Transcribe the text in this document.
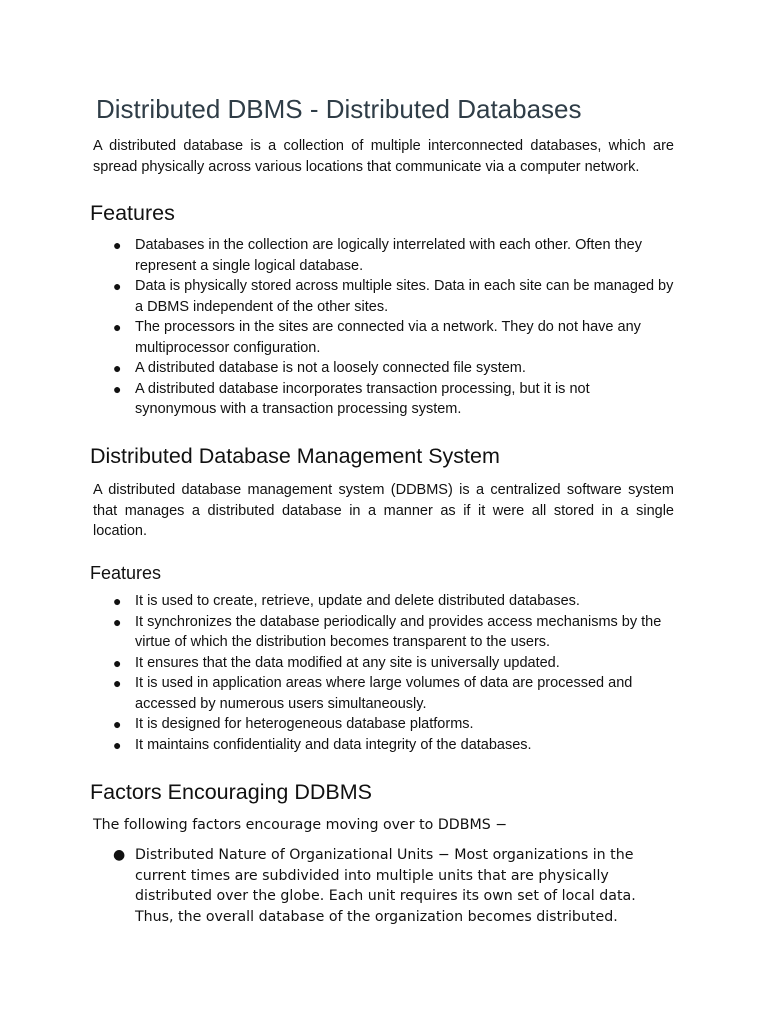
Distributed DBMS - Distributed Databases

A distributed database is a collection of multiple interconnected databases, which are spread physically across various locations that communicate via a computer network.

Features
● Databases in the collection are logically interrelated with each other. Often they represent a single logical database.
● Data is physically stored across multiple sites. Data in each site can be managed by a DBMS independent of the other sites.
● The processors in the sites are connected via a network. They do not have any multiprocessor configuration.
● A distributed database is not a loosely connected file system.
● A distributed database incorporates transaction processing, but it is not synonymous with a transaction processing system.
Distributed Database Management System

A distributed database management system (DDBMS) is a centralized software system that manages a distributed database in a manner as if it were all stored in a single location.

Features
● It is used to create, retrieve, update and delete distributed databases.
● It synchronizes the database periodically and provides access mechanisms by the virtue of which the distribution becomes transparent to the users.
● It ensures that the data modified at any site is universally updated.
● It is used in application areas where large volumes of data are processed and accessed by numerous users simultaneously.
● It is designed for heterogeneous database platforms.
● It maintains confidentiality and data integrity of the databases.
Factors Encouraging DDBMS

The following factors encourage moving over to DDBMS −

● Distributed Nature of Organizational Units − Most organizations in the current times are subdivided into multiple units that are physically distributed over the globe. Each unit requires its own set of local data. Thus, the overall database of the organization becomes distributed.
